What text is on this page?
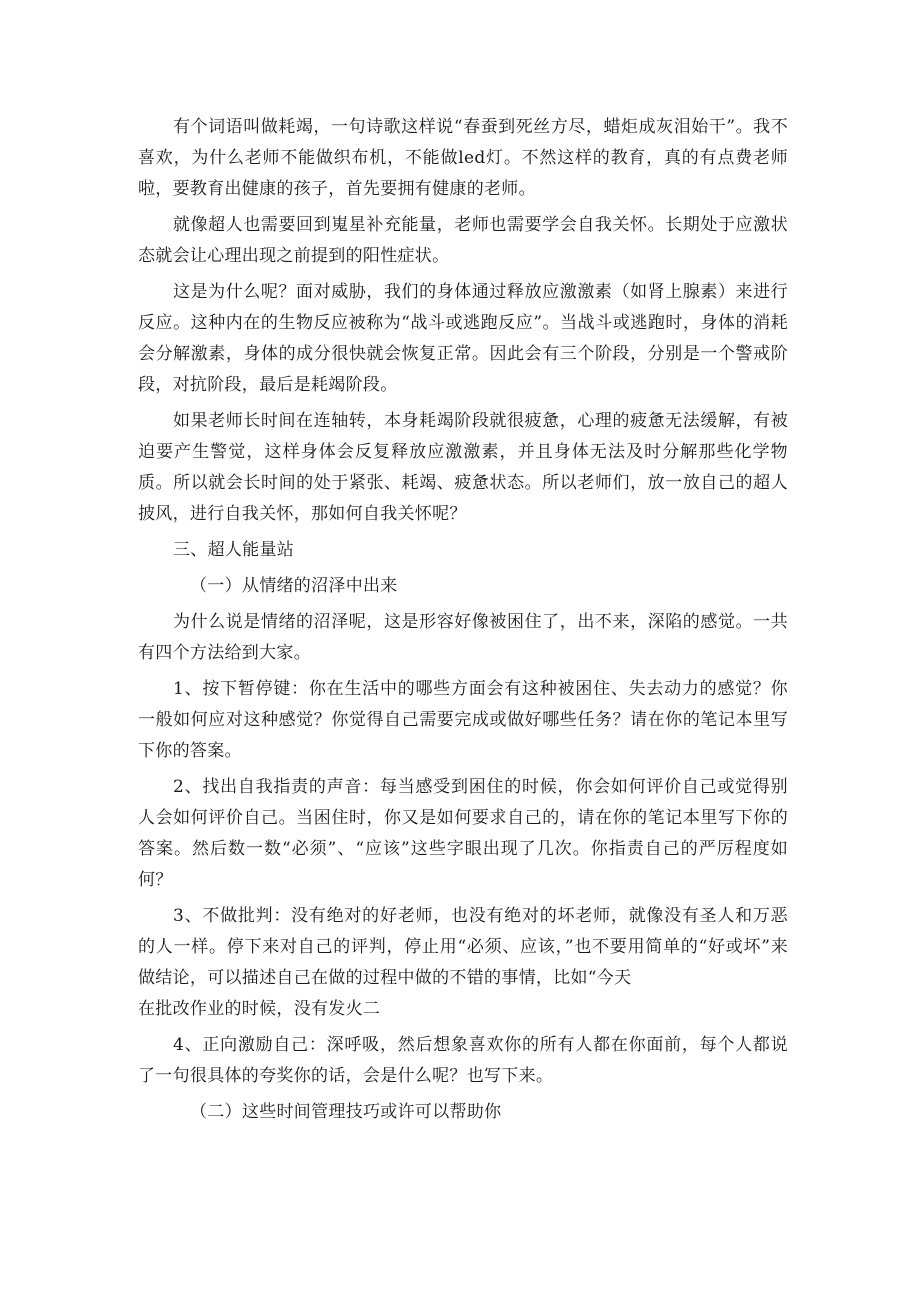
有个词语叫做耗竭，一句诗歌这样说“春蚕到死丝方尽，蜡炬成灰泪始干”。我不喜欢，为什么老师不能做织布机，不能做led灯。不然这样的教育，真的有点费老师啦，要教育出健康的孩子，首先要拥有健康的老师。

就像超人也需要回到嵬星补充能量，老师也需要学会自我关怀。长期处于应激状态就会让心理出现之前提到的阳性症状。

这是为什么呢？面对威胁，我们的身体通过释放应激激素（如肾上腺素）来进行反应。这种内在的生物反应被称为“战斗或逃跑反应”。当战斗或逃跑时，身体的消耗会分解激素，身体的成分很快就会恢复正常。因此会有三个阶段，分别是一个警戒阶段，对抗阶段，最后是耗竭阶段。

如果老师长时间在连轴转，本身耗竭阶段就很疲惫，心理的疲惫无法缓解，有被迫要产生警觉，这样身体会反复释放应激激素，并且身体无法及时分解那些化学物质。所以就会长时间的处于紧张、耗竭、疲惫状态。所以老师们，放一放自己的超人披风，进行自我关怀，那如何自我关怀呢？

三、超人能量站

（一）从情绪的沼泽中出来

为什么说是情绪的沼泽呢，这是形容好像被困住了，出不来，深陷的感觉。一共有四个方法给到大家。

1、按下暂停键：你在生活中的哪些方面会有这种被困住、失去动力的感觉？你一般如何应对这种感觉？你觉得自己需要完成或做好哪些任务？请在你的笔记本里写下你的答案。

2、找出自我指责的声音：每当感受到困住的时候，你会如何评价自己或觉得别人会如何评价自己。当困住时，你又是如何要求自己的，请在你的笔记本里写下你的答案。然后数一数“必须”、“应该”这些字眼出现了几次。你指责自己的严厉程度如何？

3、不做批判：没有绝对的好老师，也没有绝对的坏老师，就像没有圣人和万恶的人一样。停下来对自己的评判，停止用“必须、应该，”也不要用简单的“好或坏”来做结论，可以描述自己在做的过程中做的不错的事情，比如“今天

在批改作业的时候，没有发火二

4、正向激励自己：深呼吸，然后想象喜欢你的所有人都在你面前，每个人都说了一句很具体的夸奖你的话，会是什么呢？也写下来。

（二）这些时间管理技巧或许可以帮助你
